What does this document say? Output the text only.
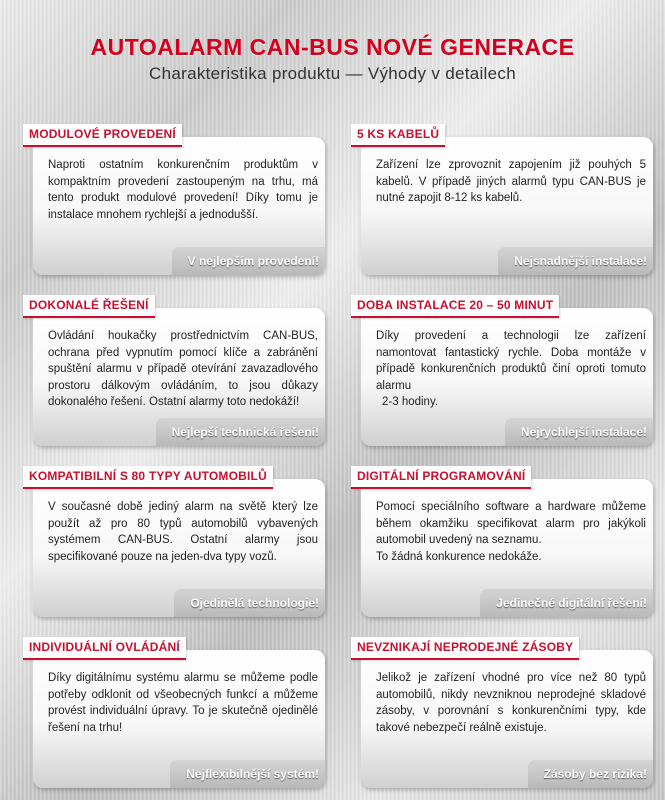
AUTOALARM CAN-BUS NOVÉ GENERACE
Charakteristika produktu — Výhody v detailech

Naproti ostatním konkurenčním produktům v kompaktním provedení zastoupeným na trhu, má tento produkt modulové provedení! Díky tomu je instalace mnohem rychlejší a jednodušší.

V nejlepším provedení!
MODULOVÉ PROVEDENÍ

Zařízení lze zprovoznit zapojením již pouhých 5 kabelů. V případě jiných alarmů typu CAN-BUS je nutné zapojit 8-12 ks kabelů.

Nejsnadnější instalace!
5 KS KABELŮ

Ovládání houkačky prostřednictvím CAN-BUS, ochrana před vypnutím pomocí klíče a zabránění spuštění alarmu v případě otevírání zavazadlového prostoru dálkovým ovládáním, to jsou důkazy dokonalého řešení. Ostatní alarmy toto nedokáží!

Nejlepší technická řešení!
DOKONALÉ ŘEŠENÍ

Díky provedení a technologii lze zařízení namontovat fantastický rychle. Doba montáže v případě konkurenčních produktů činí oproti tomuto alarmu

2-3 hodiny.

Nejrychlejší instalace!
DOBA INSTALACE 20 – 50 MINUT

V současné době jediný alarm na světě který lze použít až pro 80 typů automobilů vybavených systémem CAN-BUS. Ostatní alarmy jsou specifikované pouze na jeden-dva typy vozů.

Ojedinělá technologie!
KOMPATIBILNÍ S 80 TYPY AUTOMOBILŮ

Pomocí speciálního software a hardware můžeme během okamžiku specifikovat alarm pro jakýkoli automobil uvedený na seznamu.

To žádná konkurence nedokáže.

Jedinečné digitální řešení!
DIGITÁLNÍ PROGRAMOVÁNÍ

Díky digitálnímu systému alarmu se můžeme podle potřeby odklonit od všeobecných funkcí a můžeme provést individuální úpravy. To je skutečně ojedinělé řešení na trhu!

Nejflexibilnější systém!
INDIVIDUÁLNÍ OVLÁDÁNÍ

Jelikož je zařízení vhodné pro více než 80 typů automobilů, nikdy nevzniknou neprodejné skladové zásoby, v porovnání s konkurenčními typy, kde takové nebezpečí reálně existuje.

Zásoby bez rizika!
NEVZNIKAJÍ NEPRODEJNÉ ZÁSOBY
